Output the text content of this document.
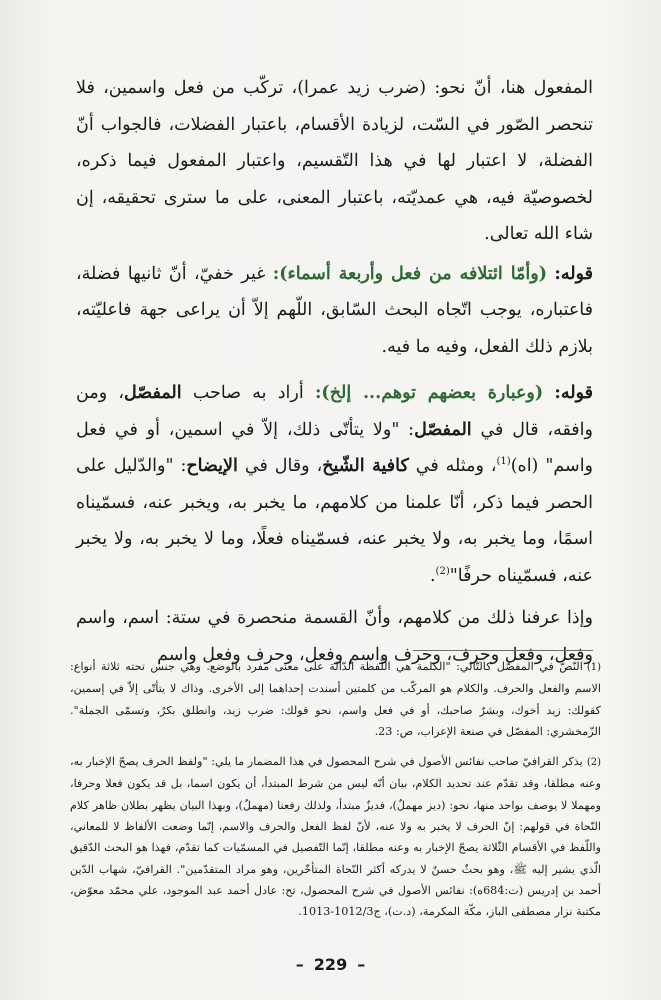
المفعول هنا، أنّ نحو: (ضرب زيد عمرا)، تركّب من فعل واسمين، فلا تنحصر الصّور في السّت، لزيادة الأقسام، باعتبار الفضلات، فالجواب أنّ الفضلة، لا اعتبار لها في هذا التّقسيم، واعتبار المفعول فيما ذكره، لخصوصيّة فيه، هي عمديّته، باعتبار المعنى، على ما سترى تحقيقه، إن شاء الله تعالى.

قوله: (وأمّا ائتلافه من فعل وأربعة أسماء): غير خفيّ، أنّ ثانيها فضلة، فاعتباره، يوجب اتّجاه البحث السّابق، اللّهم إلاّ أن يراعى جهة فاعليّته، بلازم ذلك الفعل، وفيه ما فيه.

قوله: (وعبارة بعضهم توهم... إلخ): أراد به صاحب المفصّل، ومن وافقه، قال في المفصّل: "ولا يتأتّى ذلك، إلاّ في اسمين، أو في فعل واسم" (اه)$^{(1)}$، ومثله في كافية الشّيخ، وقال في الإيضاح: "والدّليل على الحصر فيما ذكر، أنّا علمنا من كلامهم، ما يخبر به، ويخبر عنه، فسمّيناه اسمًا، وما يخبر به، ولا يخبر عنه، فسمّيناه فعلًا، وما لا يخبر به، ولا يخبر عنه، فسمّيناه حرفًا"$^{(2)}$.

وإذا عرفنا ذلك من كلامهم، وأنّ القسمة منحصرة في ستة: اسم، واسم وفعل، وفعل وحرف، وحرف واسم وفعل، وحرف وفعل واسم

(1)النّصّ في المفصّل كالتّالي: "الكلمة هي اللّفظة الدّالة على معنى مفرد بالوضع. وهي جنس تحته ثلاثة أنواع: الاسم والفعل والحرف. والكلام هو المركّب من كلمتين أسندت إحداهما إلى الأخرى. وذاك لا يتأتّى إلاّ في إسمين، كقولك: زيد أخوك، وبشرٌ صاحبك، أو في فعل واسم، نحو قولك: ضرب زيد، وانطلق بكرٌ، وتسمّى الجملة". الزّمخشري: المفصّل في صنعة الإعراب، ص: 23.

(2)يذكر القرافيّ صاحب نفائس الأصول في شرح المحصول في هذا المضمار ما يلي: "ولفظ الحرف يصحّ الإخبار به، وعنه مطلقا، وقد تقدّم عند تحديد الكلام، بيان أنّه ليس من شرط المبتدأ، أن يكون اسما، بل قد يكون فعلا وحرفا، ومهملا لا يوصف بواحد منها، نحو: (ديز مهملٌ)، فديزٌ مبتدأ، ولذلك رفعنا (مهملٌ)، وبهذا البيان يظهر بطلان ظاهر كلام النّحاة في قولهم: إنّ الحرف لا يخبر به ولا عنه، لأنّ لفظ الفعل والحرف والاسم، إنّما وضعت الألفاظ لا للمعاني، واللّفظ في الأقسام الثّلاثة يصحّ الإخبار به وعنه مطلقا، إنّما التّفصيل في المسمّيات كما تقدّم، فهذا هو البحث الدّقيق الّذي يشير إليه ﷺ، وهو بحثٌ حسنٌ لا يدركه أكثر النّحاة المتأخّرين، وهو مراد المتقدّمين". القرافيّ، شهاب الدّين أحمد بن إدريس (ت:684ه): نفائس الأصول في شرح المحصول، تح: عادل أحمد عبد الموجود، علي محمّد معوّض، مكتبة نزار مصطفى الباز، مكّة المكرمة، (د.ت)، ج1012/3-1013.

– 229 –
